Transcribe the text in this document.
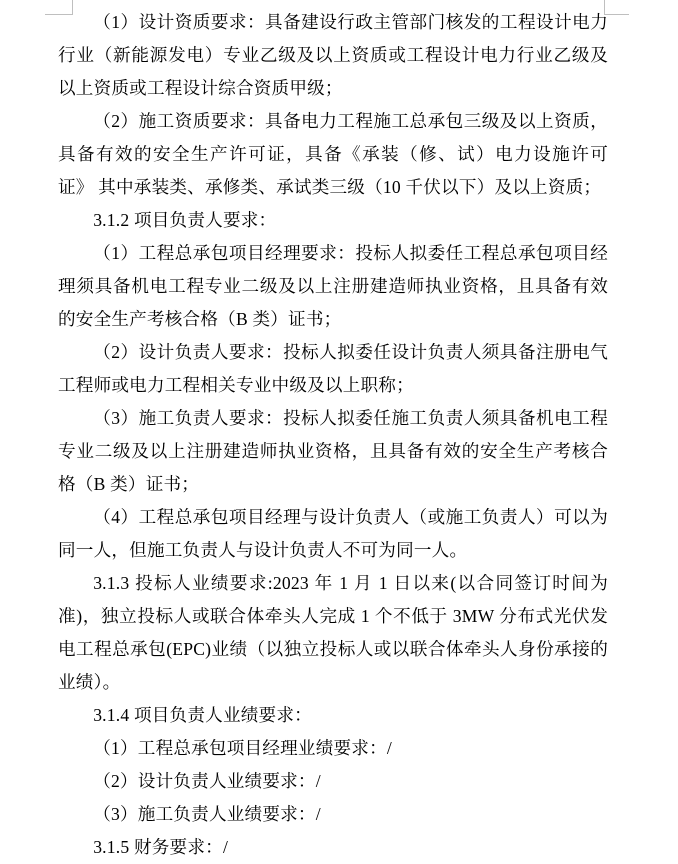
（1）设计资质要求：具备建设行政主管部门核发的工程设计电力行业（新能源发电）专业乙级及以上资质或工程设计电力行业乙级及以上资质或工程设计综合资质甲级；

（2）施工资质要求：具备电力工程施工总承包三级及以上资质，具备有效的安全生产许可证，具备《承装（修、试）电力设施许可证》 其中承装类、承修类、承试类三级（10 千伏以下）及以上资质；

3.1.2 项目负责人要求：

（1）工程总承包项目经理要求：投标人拟委任工程总承包项目经理须具备机电工程专业二级及以上注册建造师执业资格，且具备有效的安全生产考核合格（B 类）证书；

（2）设计负责人要求：投标人拟委任设计负责人须具备注册电气工程师或电力工程相关专业中级及以上职称；

（3）施工负责人要求：投标人拟委任施工负责人须具备机电工程专业二级及以上注册建造师执业资格，且具备有效的安全生产考核合格（B 类）证书；

（4）工程总承包项目经理与设计负责人（或施工负责人）可以为同一人，但施工负责人与设计负责人不可为同一人。

3.1.3 投标人业绩要求:2023 年 1 月 1 日以来(以合同签订时间为准)，独立投标人或联合体牵头人完成 1 个不低于 3MW 分布式光伏发电工程总承包(EPC)业绩（以独立投标人或以联合体牵头人身份承接的业绩）。

3.1.4 项目负责人业绩要求：

（1）工程总承包项目经理业绩要求：/

（2）设计负责人业绩要求：/

（3）施工负责人业绩要求：/

3.1.5 财务要求：/
